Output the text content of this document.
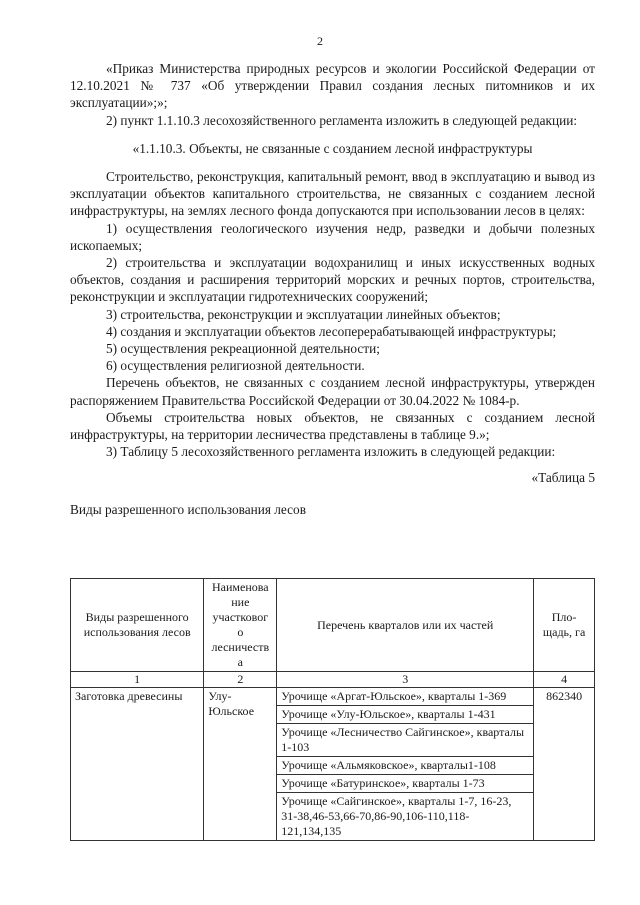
2

«Приказ Министерства природных ресурсов и экологии Российской Федерации от 12.10.2021 № 737 «Об утверждении Правил создания лесных питомников и их эксплуатации»;»;

2) пункт 1.1.10.3 лесохозяйственного регламента изложить в следующей редакции:

«1.1.10.3. Объекты, не связанные с созданием лесной инфраструктуры

Строительство, реконструкция, капитальный ремонт, ввод в эксплуатацию и вывод из эксплуатации объектов капитального строительства, не связанных с созданием лесной инфраструктуры, на землях лесного фонда допускаются при использовании лесов в целях:

1) осуществления геологического изучения недр, разведки и добычи полезных ископаемых;

2) строительства и эксплуатации водохранилищ и иных искусственных водных объектов, создания и расширения территорий морских и речных портов, строительства, реконструкции и эксплуатации гидротехнических сооружений;

3) строительства, реконструкции и эксплуатации линейных объектов;

4) создания и эксплуатации объектов лесоперерабатывающей инфраструктуры;

5) осуществления рекреационной деятельности;

6) осуществления религиозной деятельности.

Перечень объектов, не связанных с созданием лесной инфраструктуры, утвержден распоряжением Правительства Российской Федерации от 30.04.2022 № 1084-р.

Объемы строительства новых объектов, не связанных с созданием лесной инфраструктуры, на территории лесничества представлены в таблице 9.»;

3) Таблицу 5 лесохозяйственного регламента изложить в следующей редакции:

«Таблица 5

Виды разрешенного использования лесов

Виды разрешенного использования лесов	Наименова ние участковог о лесничеств а	Перечень кварталов или их частей	Пло- щадь, га
1	2	3	4
Заготовка древесины	Улу-Юльское	Урочище «Аргат-Юльское», кварталы 1-369	862340
		Урочище «Улу-Юльское», кварталы 1-431	
		Урочище «Лесничество Сайгинское», кварталы 1-103	
		Урочище «Альмяковское», кварталы1-108	
		Урочище «Батуринское», кварталы 1-73	
		Урочище «Сайгинское», кварталы 1-7, 16-23, 31-38,46-53,66-70,86-90,106-110,118-121,134,135	
